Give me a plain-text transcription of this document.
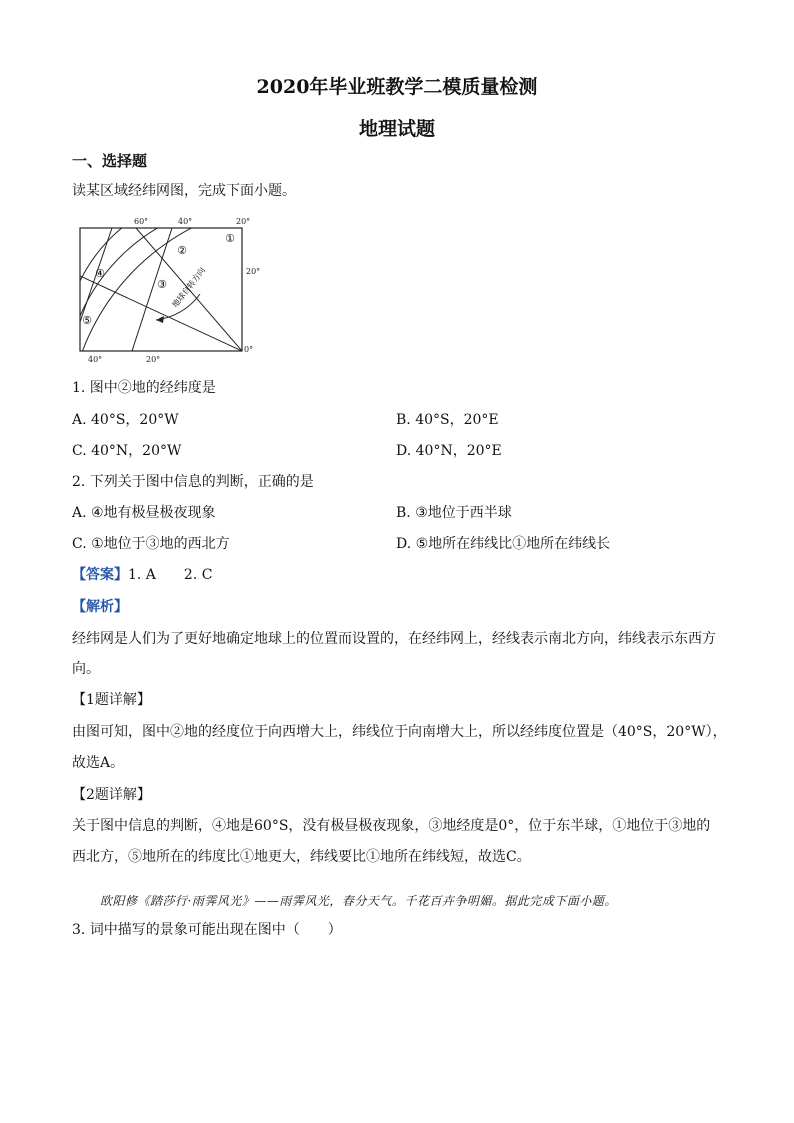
2020年毕业班教学二模质量检测
地理试题
一、选择题
读某区域经纬网图，完成下面小题。
地球自转方向
①
②
③
④
⑤
60°	40°	20°
20°
40°	20°
0°
1. 图中②地的经纬度是
A. 40°S，20°W	B. 40°S，20°E
C. 40°N，20°W	D. 40°N，20°E
2. 下列关于图中信息的判断，正确的是
A. ④地有极昼极夜现象	B. ③地位于西半球
C. ①地位于③地的西北方	D. ⑤地所在纬线比①地所在纬线长
【答案】1. A　　2. C
【解析】
经纬网是人们为了更好地确定地球上的位置而设置的，在经纬网上，经线表示南北方向，纬线表示东西方
向。
【1题详解】
由图可知，图中②地的经度位于向西增大上，纬线位于向南增大上，所以经纬度位置是（40°S，20°W），
故选A。
【2题详解】
关于图中信息的判断，④地是60°S，没有极昼极夜现象，③地经度是0°，位于东半球，①地位于③地的
西北方，⑤地所在的纬度比①地更大，纬线要比①地所在纬线短，故选C。
欧阳修《踏莎行·雨霁风光》——雨霁风光，春分天气。千花百卉争明媚。据此完成下面小题。
3. 词中描写的景象可能出现在图中（　　）
